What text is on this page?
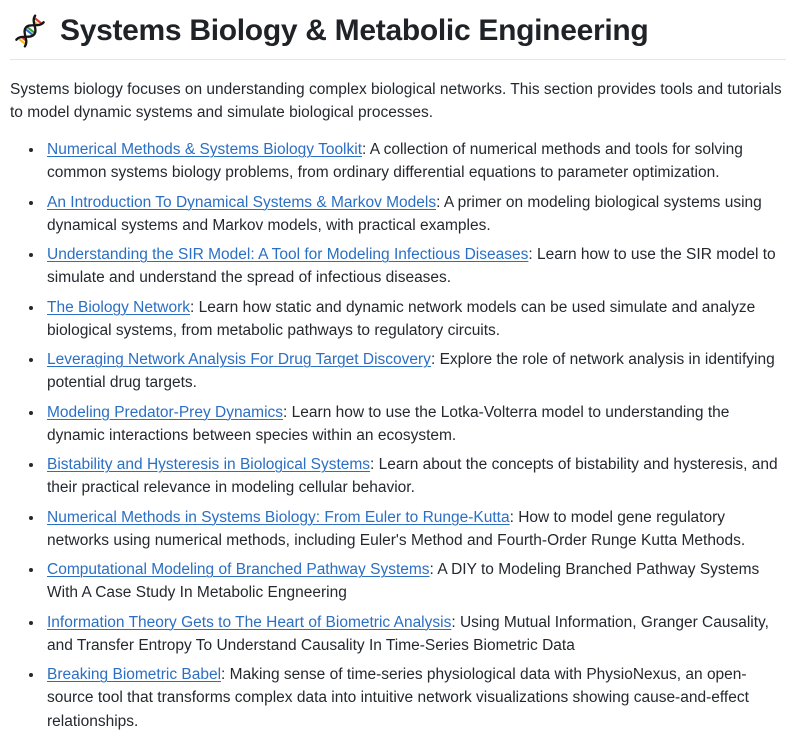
Systems Biology & Metabolic Engineering

Systems biology focuses on understanding complex biological networks. This section provides tools and tutorials to model dynamic systems and simulate biological processes.

• Numerical Methods & Systems Biology Toolkit: A collection of numerical methods and tools for solving common systems biology problems, from ordinary differential equations to parameter optimization.
• An Introduction To Dynamical Systems & Markov Models: A primer on modeling biological systems using dynamical systems and Markov models, with practical examples.
• Understanding the SIR Model: A Tool for Modeling Infectious Diseases: Learn how to use the SIR model to simulate and understand the spread of infectious diseases.
• The Biology Network: Learn how static and dynamic network models can be used simulate and analyze biological systems, from metabolic pathways to regulatory circuits.
• Leveraging Network Analysis For Drug Target Discovery: Explore the role of network analysis in identifying potential drug targets.
• Modeling Predator-Prey Dynamics: Learn how to use the Lotka-Volterra model to understanding the dynamic interactions between species within an ecosystem.
• Bistability and Hysteresis in Biological Systems: Learn about the concepts of bistability and hysteresis, and their practical relevance in modeling cellular behavior.
• Numerical Methods in Systems Biology: From Euler to Runge-Kutta: How to model gene regulatory networks using numerical methods, including Euler's Method and Fourth-Order Runge Kutta Methods.
• Computational Modeling of Branched Pathway Systems: A DIY to Modeling Branched Pathway Systems With A Case Study In Metabolic Engneering
• Information Theory Gets to The Heart of Biometric Analysis: Using Mutual Information, Granger Causality, and Transfer Entropy To Understand Causality In Time-Series Biometric Data
• Breaking Biometric Babel: Making sense of time-series physiological data with PhysioNexus, an open-source tool that transforms complex data into intuitive network visualizations showing cause-and-effect relationships.
